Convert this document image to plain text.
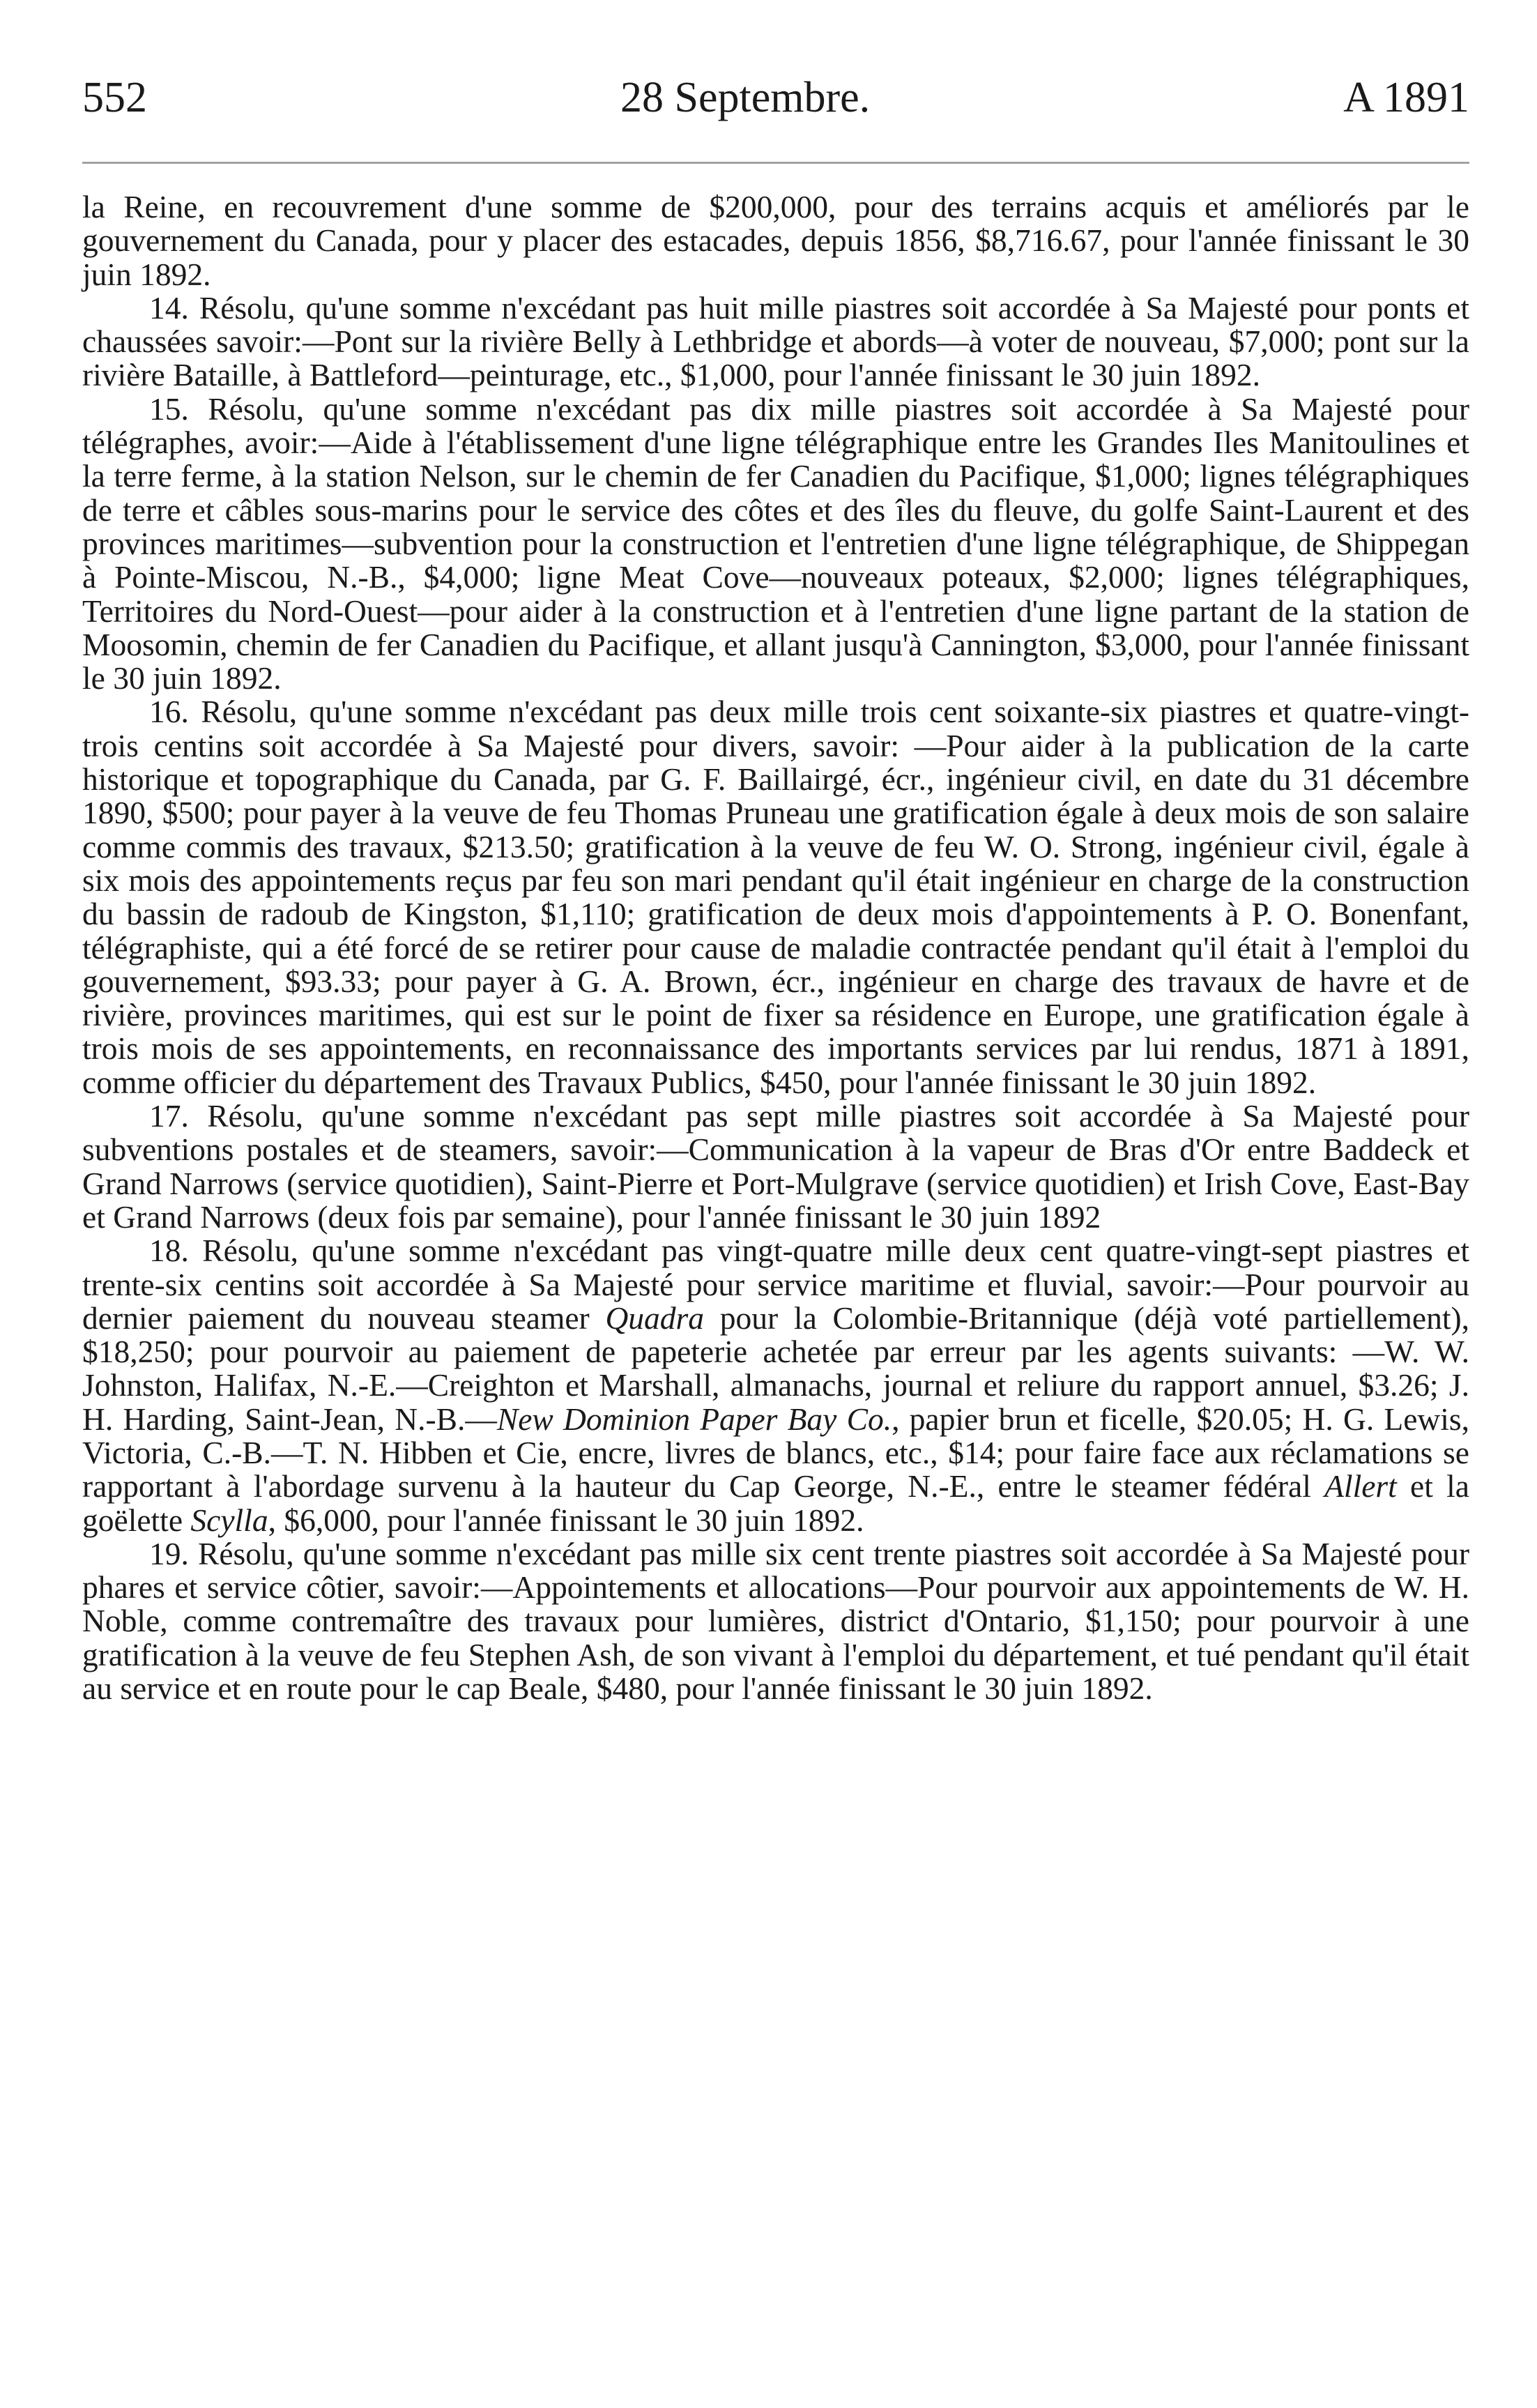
552	28 Septembre.	A 1891

la Reine, en recouvrement d'une somme de $200,000, pour des terrains acquis et améliorés par le gouvernement du Canada, pour y placer des estacades, depuis 1856, $8,716.67, pour l'année finissant le 30 juin 1892.

14. Résolu, qu'une somme n'excédant pas huit mille piastres soit accordée à Sa Majesté pour ponts et chaussées savoir:—Pont sur la rivière Belly à Lethbridge et abords—à voter de nouveau, $7,000; pont sur la rivière Bataille, à Battleford—peinturage, etc., $1,000, pour l'année finissant le 30 juin 1892.

15. Résolu, qu'une somme n'excédant pas dix mille piastres soit accordée à Sa Majesté pour télégraphes, avoir:—Aide à l'établissement d'une ligne télégraphique entre les Grandes Iles Manitoulines et la terre ferme, à la station Nelson, sur le chemin de fer Canadien du Pacifique, $1,000; lignes télégraphiques de terre et câbles sous-marins pour le service des côtes et des îles du fleuve, du golfe Saint-Laurent et des provinces maritimes—subvention pour la construction et l'entretien d'une ligne télégraphique, de Shippegan à Pointe-Miscou, N.-B., $4,000; ligne Meat Cove—nouveaux poteaux, $2,000; lignes télégraphiques, Territoires du Nord-Ouest—pour aider à la construction et à l'entretien d'une ligne partant de la station de Moosomin, chemin de fer Canadien du Pacifique, et allant jusqu'à Cannington, $3,000, pour l'année finissant le 30 juin 1892.

16. Résolu, qu'une somme n'excédant pas deux mille trois cent soixante-six piastres et quatre-vingt-trois centins soit accordée à Sa Majesté pour divers, savoir: —Pour aider à la publication de la carte historique et topographique du Canada, par G. F. Baillairgé, écr., ingénieur civil, en date du 31 décembre 1890, $500; pour payer à la veuve de feu Thomas Pruneau une gratification égale à deux mois de son salaire comme commis des travaux, $213.50; gratification à la veuve de feu W. O. Strong, ingénieur civil, égale à six mois des appointements reçus par feu son mari pendant qu'il était ingénieur en charge de la construction du bassin de radoub de Kingston, $1,110; gratification de deux mois d'appointements à P. O. Bonenfant, télégraphiste, qui a été forcé de se retirer pour cause de maladie contractée pendant qu'il était à l'emploi du gouvernement, $93.33; pour payer à G. A. Brown, écr., ingénieur en charge des travaux de havre et de rivière, provinces maritimes, qui est sur le point de fixer sa résidence en Europe, une gratification égale à trois mois de ses appointements, en reconnaissance des importants services par lui rendus, 1871 à 1891, comme officier du département des Travaux Publics, $450, pour l'année finissant le 30 juin 1892.

17. Résolu, qu'une somme n'excédant pas sept mille piastres soit accordée à Sa Majesté pour subventions postales et de steamers, savoir:—Communication à la vapeur de Bras d'Or entre Baddeck et Grand Narrows (service quotidien), Saint-Pierre et Port-Mulgrave (service quotidien) et Irish Cove, East-Bay et Grand Narrows (deux fois par semaine), pour l'année finissant le 30 juin 1892

18. Résolu, qu'une somme n'excédant pas vingt-quatre mille deux cent quatre-vingt-sept piastres et trente-six centins soit accordée à Sa Majesté pour service maritime et fluvial, savoir:—Pour pourvoir au dernier paiement du nouveau steamer Quadra pour la Colombie-Britannique (déjà voté partiellement), $18,250; pour pourvoir au paiement de papeterie achetée par erreur par les agents suivants: —W. W. Johnston, Halifax, N.-E.—Creighton et Marshall, almanachs, journal et reliure du rapport annuel, $3.26; J. H. Harding, Saint-Jean, N.-B.—New Dominion Paper Bay Co., papier brun et ficelle, $20.05; H. G. Lewis, Victoria, C.-B.—T. N. Hibben et Cie, encre, livres de blancs, etc., $14; pour faire face aux réclamations se rapportant à l'abordage survenu à la hauteur du Cap George, N.-E., entre le steamer fédéral Allert et la goëlette Scylla, $6,000, pour l'année finissant le 30 juin 1892.

19. Résolu, qu'une somme n'excédant pas mille six cent trente piastres soit accordée à Sa Majesté pour phares et service côtier, savoir:—Appointements et allocations—Pour pourvoir aux appointements de W. H. Noble, comme contremaître des travaux pour lumières, district d'Ontario, $1,150; pour pourvoir à une gratification à la veuve de feu Stephen Ash, de son vivant à l'emploi du département, et tué pendant qu'il était au service et en route pour le cap Beale, $480, pour l'année finissant le 30 juin 1892.
